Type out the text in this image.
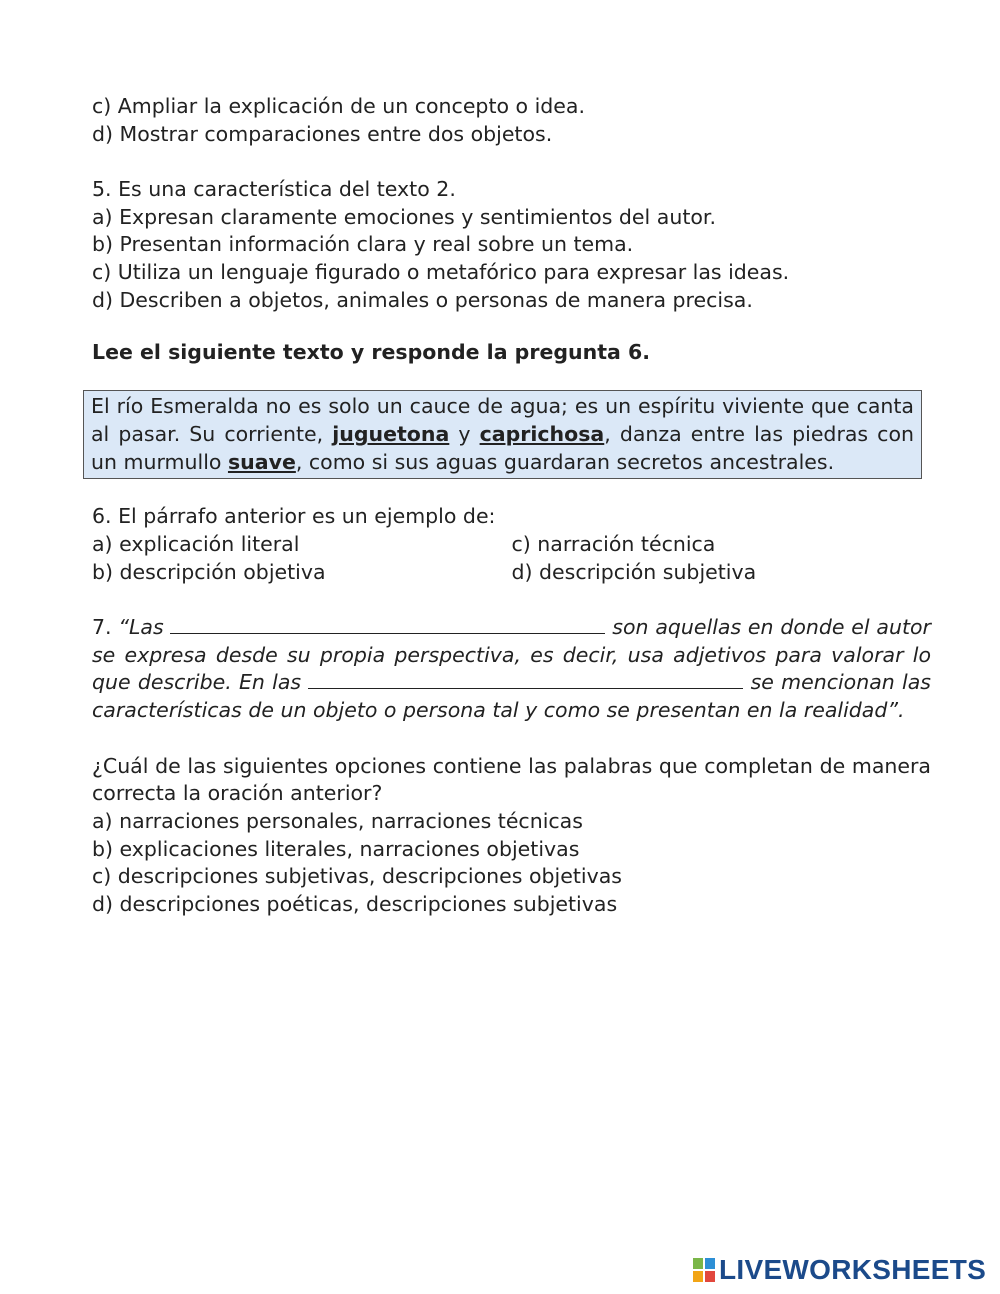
c) Ampliar la explicación de un concepto o idea.
d) Mostrar comparaciones entre dos objetos.
5. Es una característica del texto 2.
a) Expresan claramente emociones y sentimientos del autor.
b) Presentan información clara y real sobre un tema.
c) Utiliza un lenguaje figurado o metafórico para expresar las ideas.
d) Describen a objetos, animales o personas de manera precisa.
Lee el siguiente texto y responde la pregunta 6.
El río Esmeralda no es solo un cauce de agua; es un espíritu viviente que canta al pasar. Su corriente, juguetona y caprichosa, danza entre las piedras con un murmullo suave, como si sus aguas guardaran secretos ancestrales.
6. El párrafo anterior es un ejemplo de:
a) explicación literal
b) descripción objetiva
c) narración técnica
d) descripción subjetiva
7. “Las	son aquellas en donde el autor se expresa desde su propia perspectiva, es decir, usa adjetivos para valorar lo que describe. En las	se mencionan las características de un objeto o persona tal y como se presentan en la realidad”.
¿Cuál de las siguientes opciones contiene las palabras que completan de manera correcta la oración anterior?
a) narraciones personales, narraciones técnicas
b) explicaciones literales, narraciones objetivas
c) descripciones subjetivas, descripciones objetivas
d) descripciones poéticas, descripciones subjetivas
LIVEWORKSHEETS
